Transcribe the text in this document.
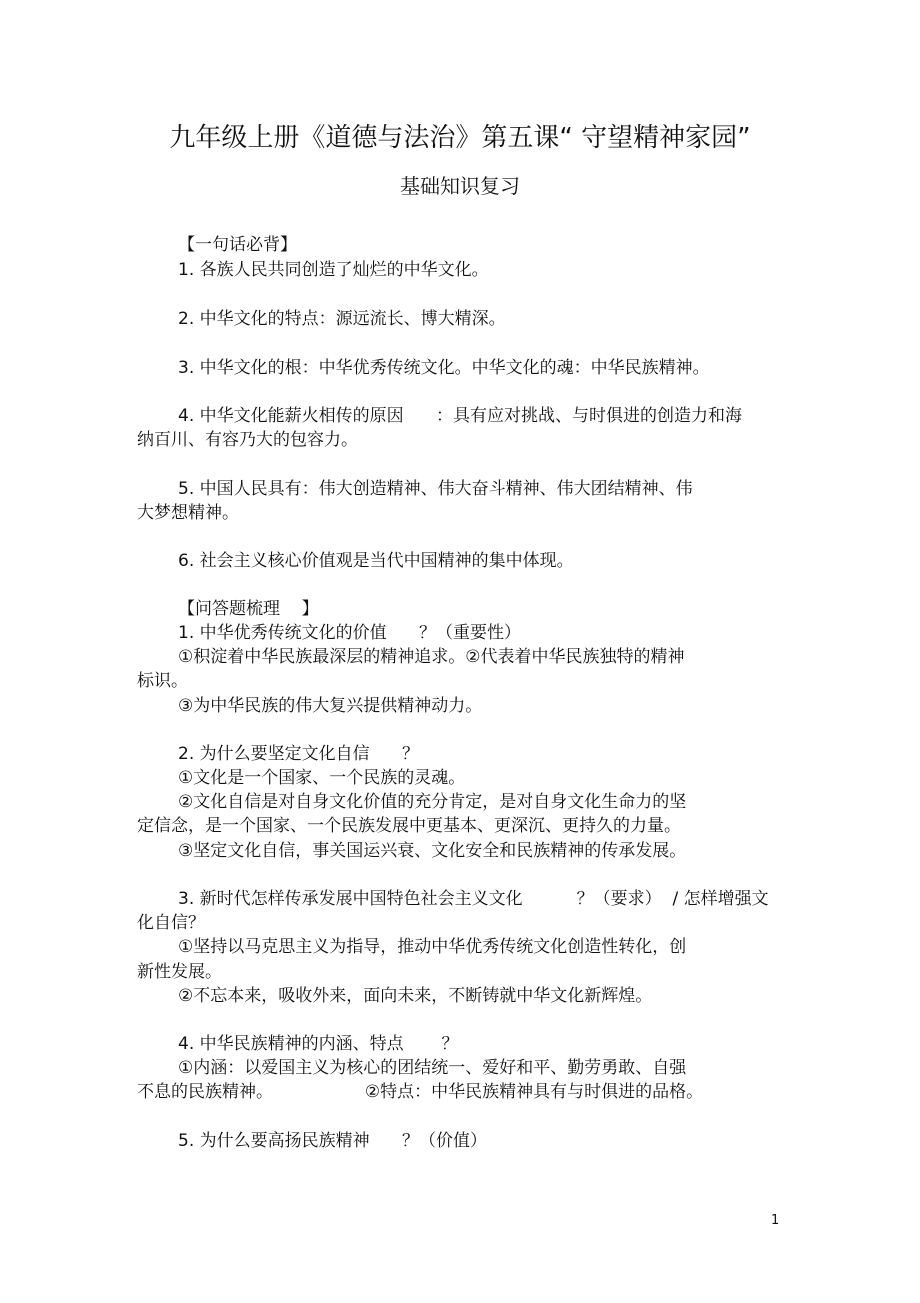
九年级上册《道德与法治》第五课“ 守望精神家园”
基础知识复习
【一句话必背】
1. 各族人民共同创造了灿烂的中华文化。
2. 中华文化的特点：源远流长、博大精深。
3. 中华文化的根：中华优秀传统文化。中华文化的魂：中华民族精神。
4. 中华文化能薪火相传的原因      ：具有应对挑战、与时俱进的创造力和海
纳百川、有容乃大的包容力。
5. 中国人民具有：伟大创造精神、伟大奋斗精神、伟大团结精神、伟
大梦想精神。
6. 社会主义核心价值观是当代中国精神的集中体现。
【问答题梳理    】
1. 中华优秀传统文化的价值      ？（重要性）
①积淀着中华民族最深层的精神追求。②代表着中华民族独特的精神
标识。
③为中华民族的伟大复兴提供精神动力。
2. 为什么要坚定文化自信      ？
①文化是一个国家、一个民族的灵魂。
②文化自信是对自身文化价值的充分肯定，是对自身文化生命力的坚
定信念，是一个国家、一个民族发展中更基本、更深沉、更持久的力量。
③坚定文化自信，事关国运兴衰、文化安全和民族精神的传承发展。
3. 新时代怎样传承发展中国特色社会主义文化          ？（要求）  / 怎样增强文
化自信？
①坚持以马克思主义为指导，推动中华优秀传统文化创造性转化，创
新性发展。
②不忘本来，吸收外来，面向未来，不断铸就中华文化新辉煌。
4. 中华民族精神的内涵、特点       ？
①内涵：以爱国主义为核心的团结统一、爱好和平、勤劳勇敢、自强
不息的民族精神。                 ②特点：中华民族精神具有与时俱进的品格。
5. 为什么要高扬民族精神      ？（价值）
1
